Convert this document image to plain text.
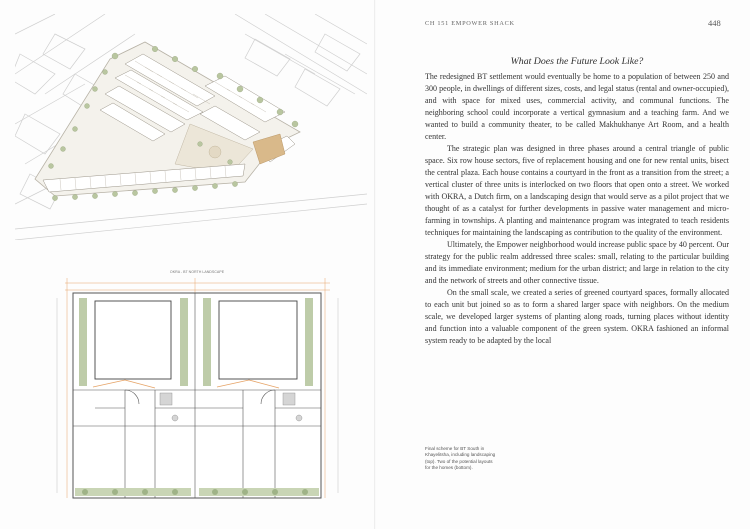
OKRA - BT NORTH LANDSCAPE
CH 151 EMPOWER SHACK	448
What Does the Future Look Like?

The redesigned BT settlement would eventually be home to a population of between 250 and 300 people, in dwellings of different sizes, costs, and legal status (rental and owner-occupied), and with space for mixed uses, commercial activity, and communal functions. The neighboring school could incorporate a vertical gymnasium and a teaching farm. And we wanted to build a community theater, to be called Makhukhanye Art Room, and a health center.

The strategic plan was designed in three phases around a central triangle of public space. Six row house sectors, five of replacement housing and one for new rental units, bisect the central plaza. Each house contains a courtyard in the front as a transition from the street; a vertical cluster of three units is interlocked on two floors that open onto a street. We worked with OKRA, a Dutch firm, on a landscaping design that would serve as a pilot project that we thought of as a catalyst for further developments in passive water management and micro-farming in townships. A planting and maintenance program was integrated to teach residents techniques for maintaining the landscaping as contribution to the quality of the environment.

Ultimately, the Empower neighborhood would increase public space by 40 percent. Our strategy for the public realm addressed three scales: small, relating to the particular building and its immediate environment; medium for the urban district; and large in relation to the city and the network of streets and other connective tissue.

On the small scale, we created a series of greened courtyard spaces, formally allocated to each unit but joined so as to form a shared larger space with neighbors. On the medium scale, we developed larger systems of planting along roads, turning places without identity and function into a valuable component of the green system. OKRA fashioned an informal system ready to be adapted by the local

Final scheme for BT South in Khayelitsha, including landscaping (top). Two of the potential layouts for the homes (bottom).
